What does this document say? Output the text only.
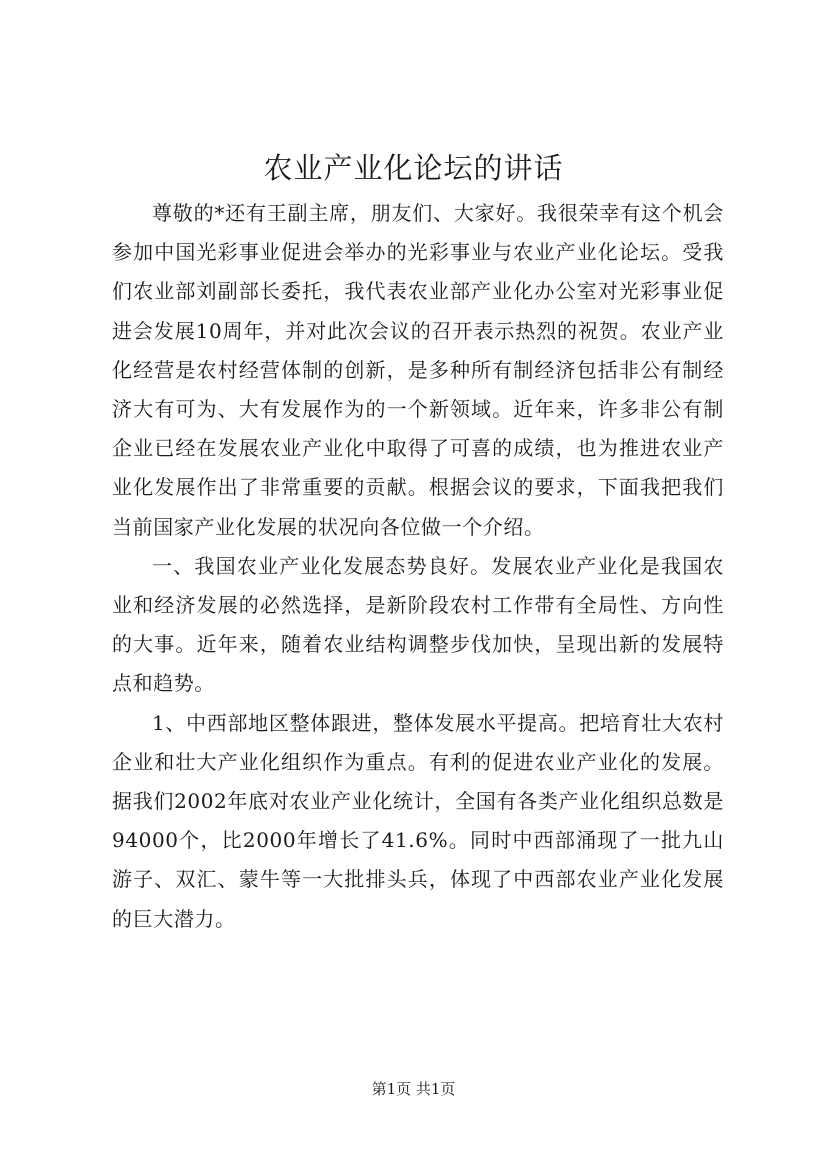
农业产业化论坛的讲话

尊敬的*还有王副主席，朋友们、大家好。我很荣幸有这个机会参加中国光彩事业促进会举办的光彩事业与农业产业化论坛。受我们农业部刘副部长委托，我代表农业部产业化办公室对光彩事业促进会发展10周年，并对此次会议的召开表示热烈的祝贺。农业产业化经营是农村经营体制的创新，是多种所有制经济包括非公有制经济大有可为、大有发展作为的一个新领域。近年来，许多非公有制企业已经在发展农业产业化中取得了可喜的成绩，也为推进农业产业化发展作出了非常重要的贡献。根据会议的要求，下面我把我们当前国家产业化发展的状况向各位做一个介绍。

一、我国农业产业化发展态势良好。发展农业产业化是我国农业和经济发展的必然选择，是新阶段农村工作带有全局性、方向性的大事。近年来，随着农业结构调整步伐加快，呈现出新的发展特点和趋势。

1、中西部地区整体跟进，整体发展水平提高。把培育壮大农村企业和壮大产业化组织作为重点。有利的促进农业产业化的发展。据我们2002年底对农业产业化统计，全国有各类产业化组织总数是94000个，比2000年增长了41.6%。同时中西部涌现了一批九山游子、双汇、蒙牛等一大批排头兵，体现了中西部农业产业化发展的巨大潜力。

第1页 共1页
